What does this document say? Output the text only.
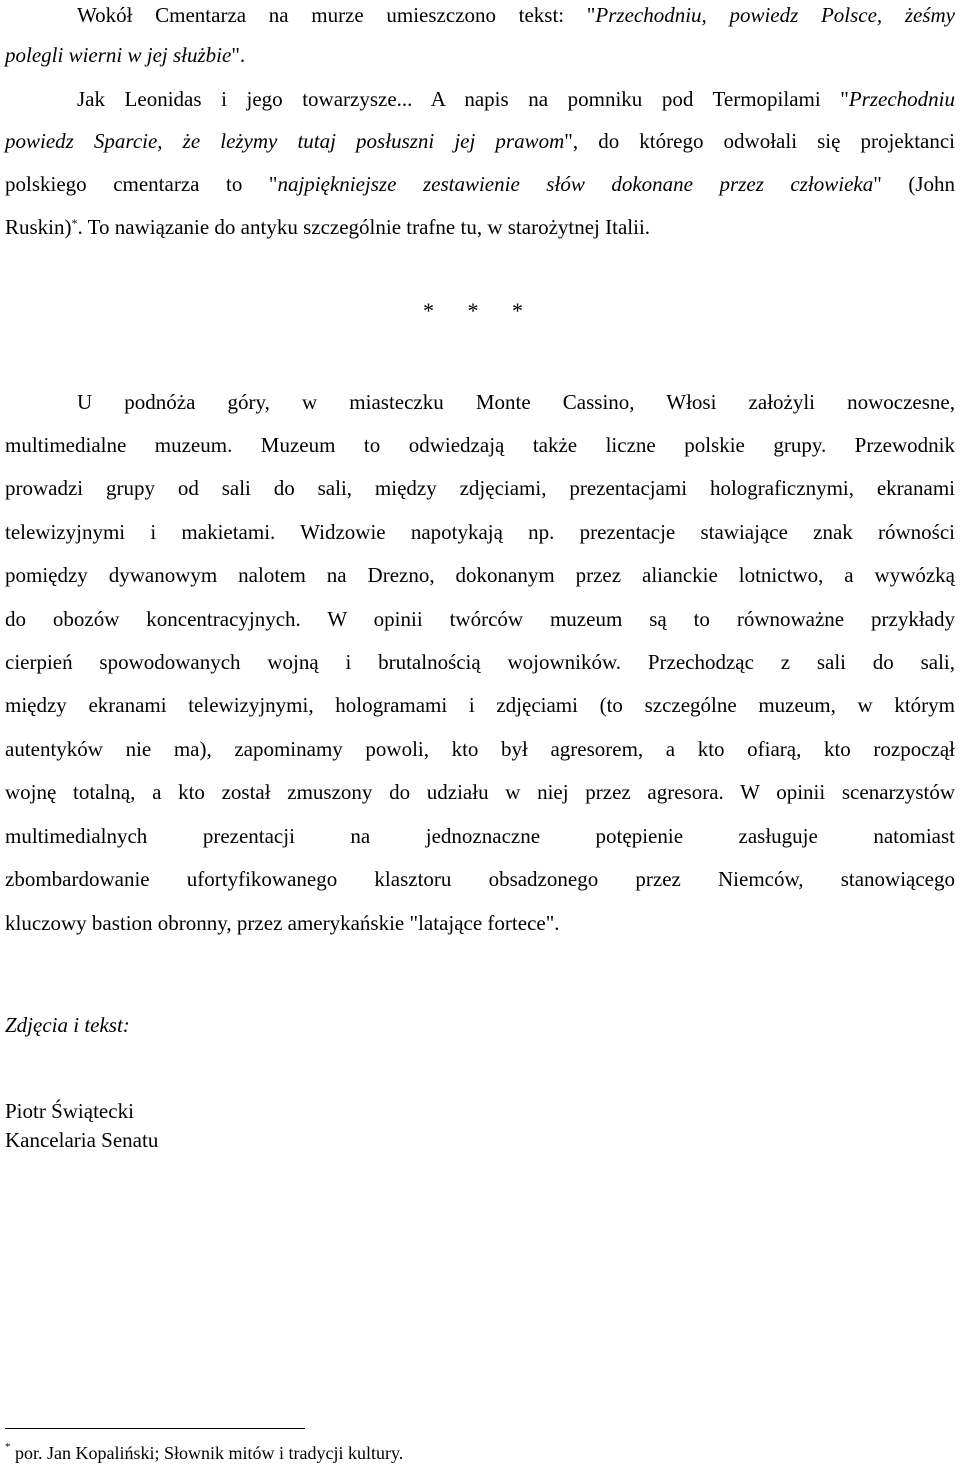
Wokół Cmentarza na murze umieszczono tekst: "Przechodniu, powiedz Polsce, żeśmy
polegli wierni w jej służbie".
Jak Leonidas i jego towarzysze... A napis na pomniku pod Termopilami "Przechodniu
powiedz Sparcie, że leżymy tutaj posłuszni jej prawom", do którego odwołali się projektanci
polskiego cmentarza to "najpiękniejsze zestawienie słów dokonane przez człowieka" (John
Ruskin)*. To nawiązanie do antyku szczególnie trafne tu, w starożytnej Italii.
* * *
U podnóża góry, w miasteczku Monte Cassino, Włosi założyli nowoczesne,
multimedialne muzeum. Muzeum to odwiedzają także liczne polskie grupy. Przewodnik
prowadzi grupy od sali do sali, między zdjęciami, prezentacjami holograficznymi, ekranami
telewizyjnymi i makietami. Widzowie napotykają np. prezentacje stawiające znak równości
pomiędzy dywanowym nalotem na Drezno, dokonanym przez alianckie lotnictwo, a wywózką
do obozów koncentracyjnych. W opinii twórców muzeum są to równoważne przykłady
cierpień spowodowanych wojną i brutalnością wojowników. Przechodząc z sali do sali,
między ekranami telewizyjnymi, hologramami i zdjęciami (to szczególne muzeum, w którym
autentyków nie ma), zapominamy powoli, kto był agresorem, a kto ofiarą, kto rozpoczął
wojnę totalną, a kto został zmuszony do udziału w niej przez agresora. W opinii scenarzystów
multimedialnych prezentacji na jednoznaczne potępienie zasługuje natomiast
zbombardowanie ufortyfikowanego klasztoru obsadzonego przez Niemców, stanowiącego
kluczowy bastion obronny, przez amerykańskie "latające fortece".
Zdjęcia i tekst:
Piotr Świątecki
Kancelaria Senatu
* por. Jan Kopaliński; Słownik mitów i tradycji kultury.
